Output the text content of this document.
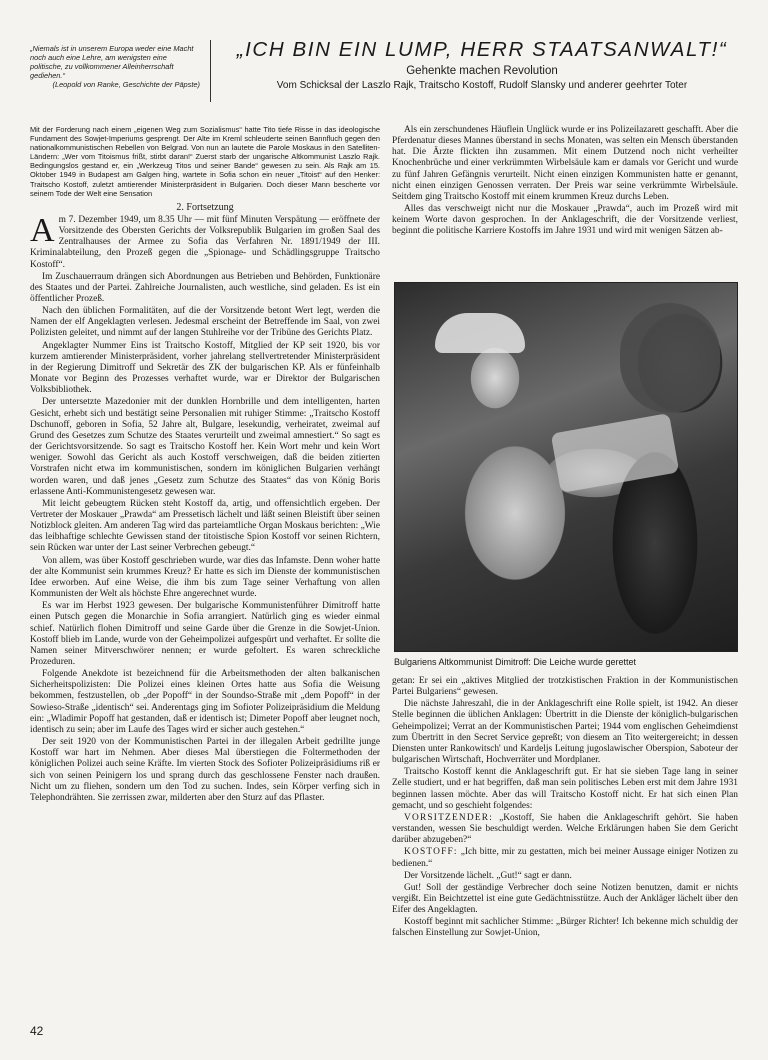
„Niemals ist in unserem Europa weder eine Macht noch auch eine Lehre, am wenigsten eine politische, zu vollkommener Alleinherrschaft gediehen.“
(Leopold von Ranke, Geschichte der Päpste)
„ICH BIN EIN LUMP, HERR STAATSANWALT!“
Gehenkte machen Revolution
Vom Schicksal der Laszlo Rajk, Traitscho Kostoff, Rudolf Slansky und anderer geehrter Toter
Mit der Forderung nach einem „eigenen Weg zum Sozialismus“ hatte Tito tiefe Risse in das ideologische Fundament des Sowjet-Imperiums gesprengt. Der Alte im Kreml schleuderte seinen Bannfluch gegen den nationalkommunistischen Rebellen von Belgrad. Von nun an lautete die Parole Moskaus in den Satelliten-Ländern: „Wer vom Titoismus frißt, stirbt daran!“ Zuerst starb der ungarische Altkommunist Laszlo Rajk. Bedingungslos gestand er, ein „Werkzeug Titos und seiner Bande“ gewesen zu sein. Als Rajk am 15. Oktober 1949 in Budapest am Galgen hing, wartete in Sofia schon ein neuer „Titoist“ auf den Henker: Traitscho Kostoff, zuletzt amtierender Ministerpräsident in Bulgarien. Doch dieser Mann bescherte vor seinem Tode der Welt eine Sensation
2. Fortsetzung

Am 7. Dezember 1949, um 8.35 Uhr — mit fünf Minuten Verspätung — eröffnete der Vorsitzende des Obersten Gerichts der Volksrepublik Bulgarien im großen Saal des Zentralhauses der Armee zu Sofia das Verfahren Nr. 1891/1949 der III. Kriminalabteilung, den Prozeß gegen die „Spionage- und Schädlingsgruppe Traitscho Kostoff“.

Im Zuschauerraum drängen sich Abordnungen aus Betrieben und Behörden, Funktionäre des Staates und der Partei. Zahlreiche Journalisten, auch westliche, sind geladen. Es ist ein öffentlicher Prozeß.

Nach den üblichen Formalitäten, auf die der Vorsitzende betont Wert legt, werden die Namen der elf Angeklagten verlesen. Jedesmal erscheint der Betreffende im Saal, von zwei Polizisten geleitet, und nimmt auf der langen Stuhlreihe vor der Tribüne des Gerichts Platz.

Angeklagter Nummer Eins ist Traitscho Kostoff, Mitglied der KP seit 1920, bis vor kurzem amtierender Ministerpräsident, vorher jahrelang stellvertretender Ministerpräsident in der Regierung Dimitroff und Sekretär des ZK der bulgarischen KP. Als er fünfeinhalb Monate vor Beginn des Prozesses verhaftet wurde, war er Direktor der Bulgarischen Volksbibliothek.

Der untersetzte Mazedonier mit der dunklen Hornbrille und dem intelligenten, harten Gesicht, erhebt sich und bestätigt seine Personalien mit ruhiger Stimme: „Traitscho Kostoff Dschunoff, geboren in Sofia, 52 Jahre alt, Bulgare, lesekundig, verheiratet, zweimal auf Grund des Gesetzes zum Schutze des Staates verurteilt und zweimal amnestiert.“ So sagt es der Gerichtsvorsitzende. So sagt es Traitscho Kostoff her. Kein Wort mehr und kein Wort weniger. Sowohl das Gericht als auch Kostoff verschweigen, daß die beiden zitierten Vorstrafen nicht etwa im kommunistischen, sondern im königlichen Bulgarien verhängt worden waren, und daß jenes „Gesetz zum Schutze des Staates“ das von König Boris erlassene Anti-Kommunistengesetz gewesen war.

Mit leicht gebeugtem Rücken steht Kostoff da, artig, und offensichtlich ergeben. Der Vertreter der Moskauer „Prawda“ am Pressetisch lächelt und läßt seinen Bleistift über seinen Notizblock gleiten. Am anderen Tag wird das parteiamtliche Organ Moskaus berichten: „Wie das leibhaftige schlechte Gewissen stand der titoistische Spion Kostoff vor seinen Richtern, sein Rücken war unter der Last seiner Verbrechen gebeugt.“

Von allem, was über Kostoff geschrieben wurde, war dies das Infamste. Denn woher hatte der alte Kommunist sein krummes Kreuz? Er hatte es sich im Dienste der kommunistischen Idee erworben. Auf eine Weise, die ihm bis zum Tage seiner Verhaftung von allen Kommunisten der Welt als höchste Ehre angerechnet wurde.

Es war im Herbst 1923 gewesen. Der bulgarische Kommunistenführer Dimitroff hatte einen Putsch gegen die Monarchie in Sofia arrangiert. Natürlich ging es wieder einmal schief. Natürlich flohen Dimitroff und seine Garde über die Grenze in die Sowjet-Union. Kostoff blieb im Lande, wurde von der Geheimpolizei aufgespürt und verhaftet. Er sollte die Namen seiner Mitverschwörer nennen; er wurde gefoltert. Es waren schreckliche Prozeduren.

Folgende Anekdote ist bezeichnend für die Arbeitsmethoden der alten balkanischen Sicherheitspolizisten: Die Polizei eines kleinen Ortes hatte aus Sofia die Weisung bekommen, festzustellen, ob „der Popoff“ in der Soundso-Straße mit „dem Popoff“ in der Sowieso-Straße „identisch“ sei. Anderentags ging im Sofioter Polizeipräsidium die Meldung ein: „Wladimir Popoff hat gestanden, daß er identisch ist; Dimeter Popoff aber leugnet noch, identisch zu sein; aber im Laufe des Tages wird er sicher auch gestehen.“

Der seit 1920 von der Kommunistischen Partei in der illegalen Arbeit gedrillte junge Kostoff war hart im Nehmen. Aber dieses Mal überstiegen die Foltermethoden der königlichen Polizei auch seine Kräfte. Im vierten Stock des Sofioter Polizeipräsidiums riß er sich von seinen Peinigern los und sprang durch das geschlossene Fenster nach draußen. Nicht um zu fliehen, sondern um den Tod zu suchen. Indes, sein Körper verfing sich in Telephondrähten. Sie zerrissen zwar, milderten aber den Sturz auf das Pflaster.

Als ein zerschundenes Häuflein Unglück wurde er ins Polizeilazarett geschafft. Aber die Pferdenatur dieses Mannes überstand in sechs Monaten, was selten ein Mensch überstanden hat. Die Ärzte flickten ihn zusammen. Mit einem Dutzend noch nicht verheilter Knochenbrüche und einer verkrümmten Wirbelsäule kam er damals vor Gericht und wurde zu fünf Jahren Gefängnis verurteilt. Nicht einen einzigen Kommunisten hatte er genannt, nicht einen einzigen Genossen verraten. Der Preis war seine verkrümmte Wirbelsäule. Seitdem ging Traitscho Kostoff mit einem krummen Kreuz durchs Leben.

Alles das verschweigt nicht nur die Moskauer „Prawda“, auch im Prozeß wird mit keinem Worte davon gesprochen. In der Anklageschrift, die der Vorsitzende verliest, beginnt die politische Karriere Kostoffs im Jahre 1931 und wird mit wenigen Sätzen ab-

Bulgariens Altkommunist Dimitroff: Die Leiche wurde gerettet

getan: Er sei ein „aktives Mitglied der trotzkistischen Fraktion in der Kommunistischen Partei Bulgariens“ gewesen.

Die nächste Jahreszahl, die in der Anklageschrift eine Rolle spielt, ist 1942. An dieser Stelle beginnen die üblichen Anklagen: Übertritt in die Dienste der königlich-bulgarischen Geheimpolizei; Verrat an der Kommunistischen Partei; 1944 vom englischen Geheimdienst zum Übertritt in den Secret Service gepreßt; von diesem an Tito weitergereicht; in dessen Diensten unter Rankowitsch' und Kardeljs Leitung jugoslawischer Oberspion, Saboteur der bulgarischen Wirtschaft, Hochverräter und Mordplaner.

Traitscho Kostoff kennt die Anklageschrift gut. Er hat sie sieben Tage lang in seiner Zelle studiert, und er hat begriffen, daß man sein politisches Leben erst mit dem Jahre 1931 beginnen lassen möchte. Aber das will Traitscho Kostoff nicht. Er hat sich einen Plan gemacht, und so geschieht folgendes:

VORSITZENDER: „Kostoff, Sie haben die Anklageschrift gehört. Sie haben verstanden, wessen Sie beschuldigt werden. Welche Erklärungen haben Sie dem Gericht darüber abzugeben?“

KOSTOFF: „Ich bitte, mir zu gestatten, mich bei meiner Aussage einiger Notizen zu bedienen.“

Der Vorsitzende lächelt. „Gut!“ sagt er dann.

Gut! Soll der geständige Verbrecher doch seine Notizen benutzen, damit er nichts vergißt. Ein Beichtzettel ist eine gute Gedächtnisstütze. Auch der Ankläger lächelt über den Eifer des Angeklagten.

Kostoff beginnt mit sachlicher Stimme: „Bürger Richter! Ich bekenne mich schuldig der falschen Einstellung zur Sowjet-Union,

42
